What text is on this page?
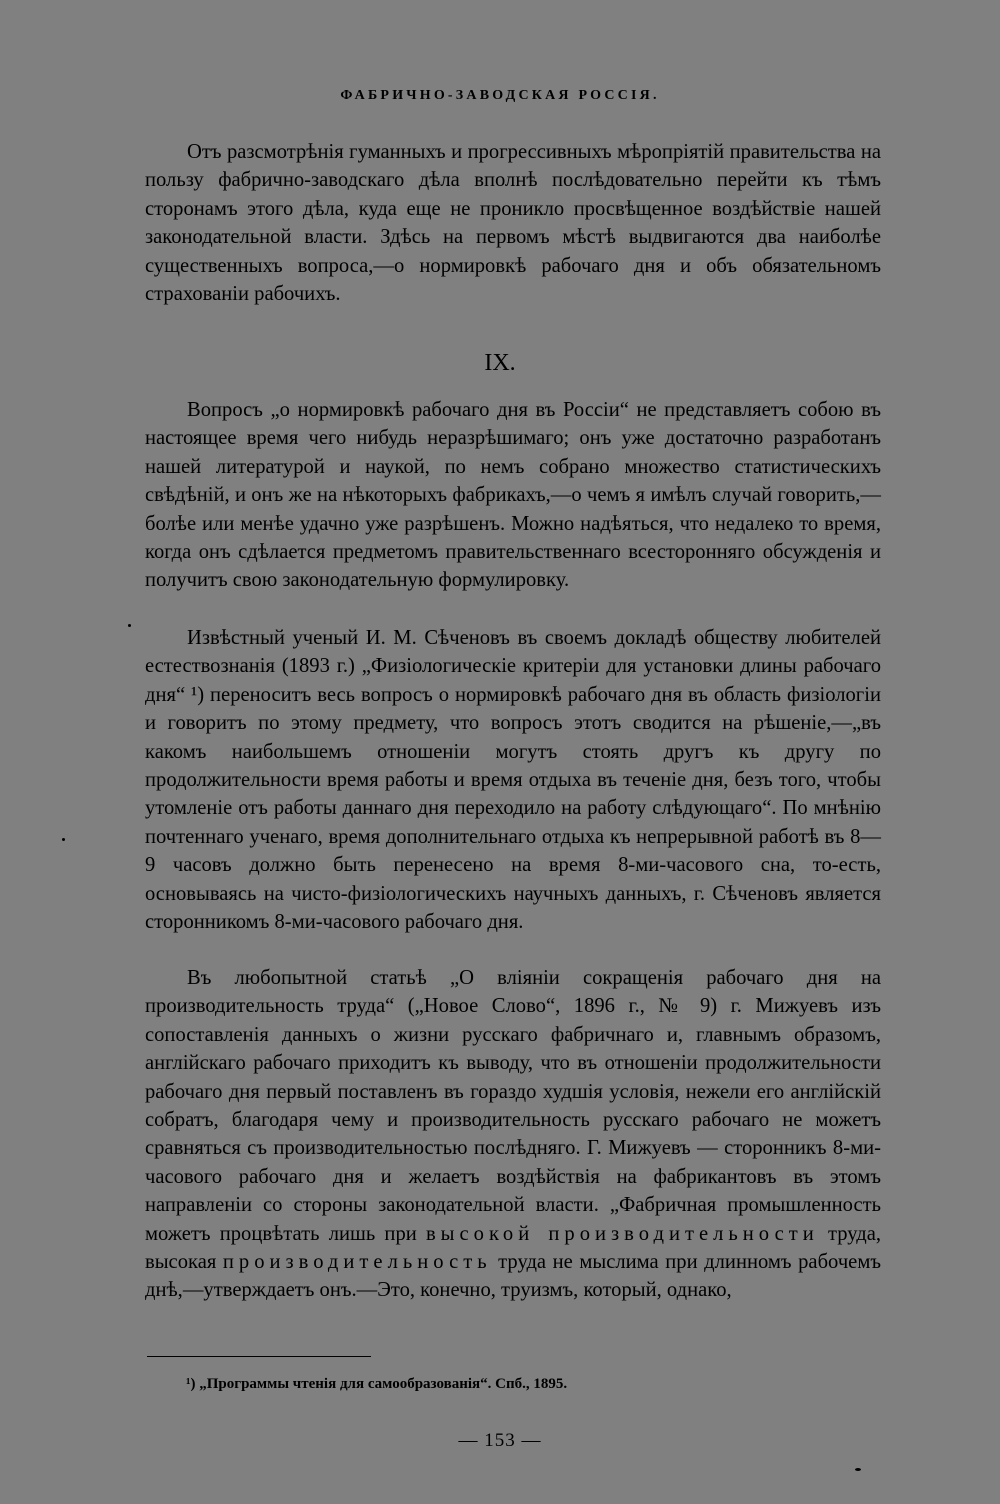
ФАБРИЧНО-ЗАВОДСКАЯ РОССІЯ.

Отъ разсмотрѣнія гуманныхъ и прогрессивныхъ мѣропріятій правительства на пользу фабрично-заводскаго дѣла вполнѣ послѣдовательно перейти къ тѣмъ сторонамъ этого дѣла, куда еще не проникло просвѣщенное воздѣйствіе нашей законодательной власти. Здѣсь на первомъ мѣстѣ выдвигаются два наиболѣе существенныхъ вопроса,—о нормировкѣ рабочаго дня и объ обязательномъ страхованіи рабочихъ.

IX.

Вопросъ „о нормировкѣ рабочаго дня въ Россіи“ не представляетъ собою въ настоящее время чего нибудь неразрѣшимаго; онъ уже достаточно разработанъ нашей литературой и наукой, по немъ собрано множество статистическихъ свѣдѣній, и онъ же на нѣкоторыхъ фабрикахъ,—о чемъ я имѣлъ случай говорить,—болѣе или менѣе удачно уже разрѣшенъ. Можно надѣяться, что недалеко то время, когда онъ сдѣлается предметомъ правительственнаго всесторонняго обсужденія и получитъ свою законодательную формулировку.

Извѣстный ученый И. М. Сѣченовъ въ своемъ докладѣ обществу любителей естествознанія (1893 г.) „Физіологическіе критеріи для установки длины рабочаго дня“ ¹) переноситъ весь вопросъ о нормировкѣ рабочаго дня въ область физіологіи и говоритъ по этому предмету, что вопросъ этотъ сводится на рѣшеніе,—„въ какомъ наибольшемъ отношеніи могутъ стоять другъ къ другу по продолжительности время работы и время отдыха въ теченіе дня, безъ того, чтобы утомленіе отъ работы даннаго дня переходило на работу слѣдующаго“. По мнѣнію почтеннаго ученаго, время дополнительнаго отдыха къ непрерывной работѣ въ 8—9 часовъ должно быть перенесено на время 8-ми-часового сна, то-есть, основываясь на чисто-физіологическихъ научныхъ данныхъ, г. Сѣченовъ является сторонникомъ 8-ми-часового рабочаго дня.

Въ любопытной статьѣ „О вліяніи сокращенія рабочаго дня на производительность труда“ („Новое Слово“, 1896 г., № 9) г. Мижуевъ изъ сопоставленія данныхъ о жизни русскаго фабричнаго и, главнымъ образомъ, англійскаго рабочаго приходитъ къ выводу, что въ отношеніи продолжительности рабочаго дня первый поставленъ въ гораздо худшія условія, нежели его англійскій собратъ, благодаря чему и производительность русскаго рабочаго не можетъ сравняться съ производительностью послѣдняго. Г. Мижуевъ — сторонникъ 8-ми-часового рабочаго дня и желаетъ воздѣйствія на фабрикантовъ въ этомъ направленіи со стороны законодательной власти. „Фабричная промышленность можетъ процвѣтать лишь при высокой производительности труда, высокая производительность труда не мыслима при длинномъ рабочемъ днѣ,—утверждаетъ онъ.—Это, конечно, труизмъ, который, однако,

¹) „Программы чтенія для самообразованія“. Спб., 1895.

— 153 —
